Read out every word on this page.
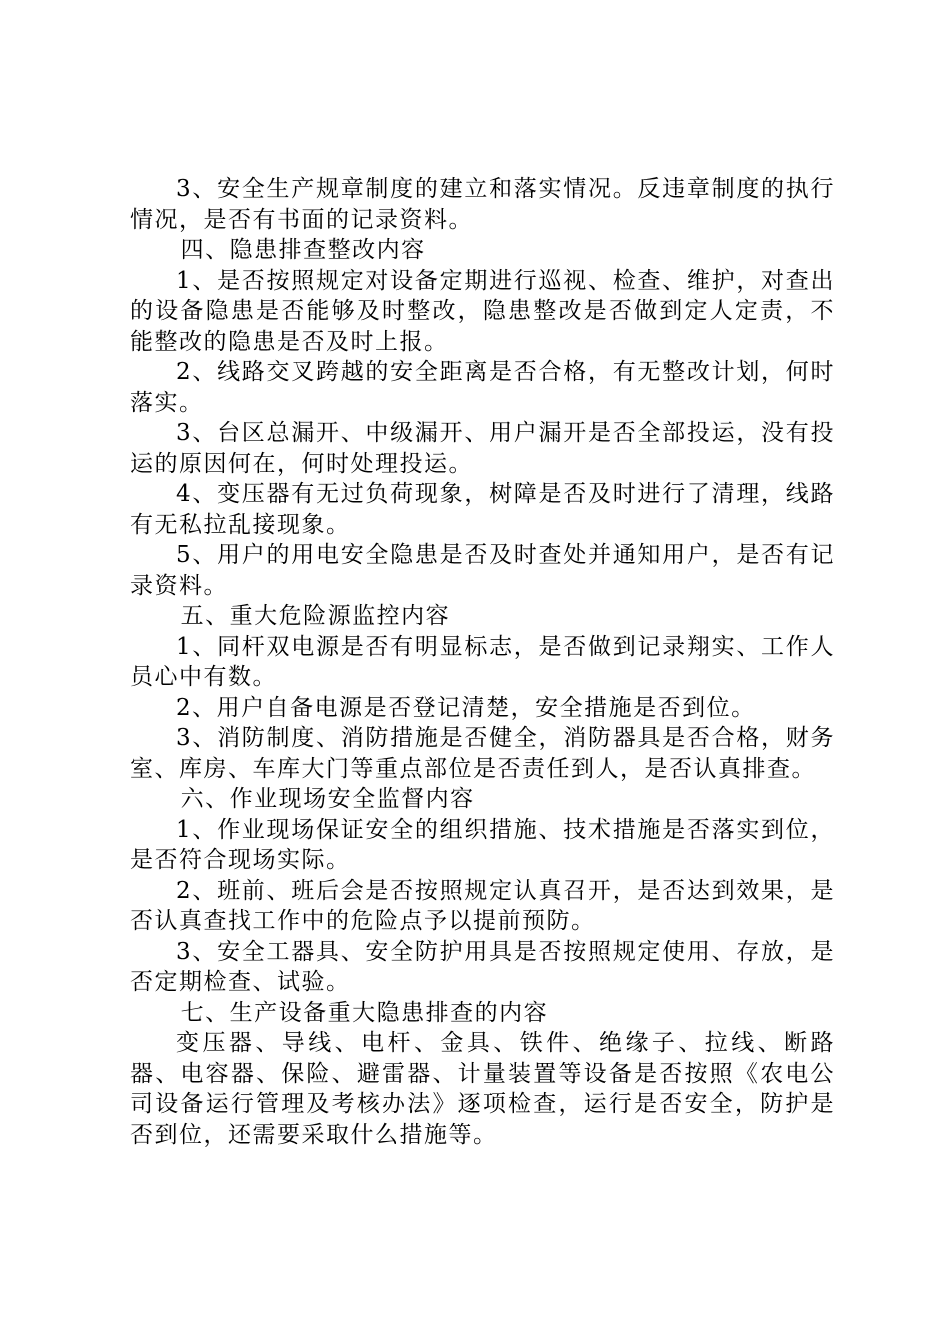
3、安全生产规章制度的建立和落实情况。反违章制度的执行情况，是否有书面的记录资料。

四、隐患排查整改内容

1、是否按照规定对设备定期进行巡视、检查、维护，对查出的设备隐患是否能够及时整改，隐患整改是否做到定人定责，不能整改的隐患是否及时上报。

2、线路交叉跨越的安全距离是否合格，有无整改计划，何时落实。

3、台区总漏开、中级漏开、用户漏开是否全部投运，没有投运的原因何在，何时处理投运。

4、变压器有无过负荷现象，树障是否及时进行了清理，线路有无私拉乱接现象。

5、用户的用电安全隐患是否及时查处并通知用户，是否有记录资料。

五、重大危险源监控内容

1、同杆双电源是否有明显标志，是否做到记录翔实、工作人员心中有数。

2、用户自备电源是否登记清楚，安全措施是否到位。

3、消防制度、消防措施是否健全，消防器具是否合格，财务室、库房、车库大门等重点部位是否责任到人，是否认真排查。

六、作业现场安全监督内容

1、作业现场保证安全的组织措施、技术措施是否落实到位，是否符合现场实际。

2、班前、班后会是否按照规定认真召开，是否达到效果，是否认真查找工作中的危险点予以提前预防。

3、安全工器具、安全防护用具是否按照规定使用、存放，是否定期检查、试验。

七、生产设备重大隐患排查的内容

变压器、导线、电杆、金具、铁件、绝缘子、拉线、断路器、电容器、保险、避雷器、计量装置等设备是否按照《农电公司设备运行管理及考核办法》逐项检查，运行是否安全，防护是否到位，还需要采取什么措施等。
